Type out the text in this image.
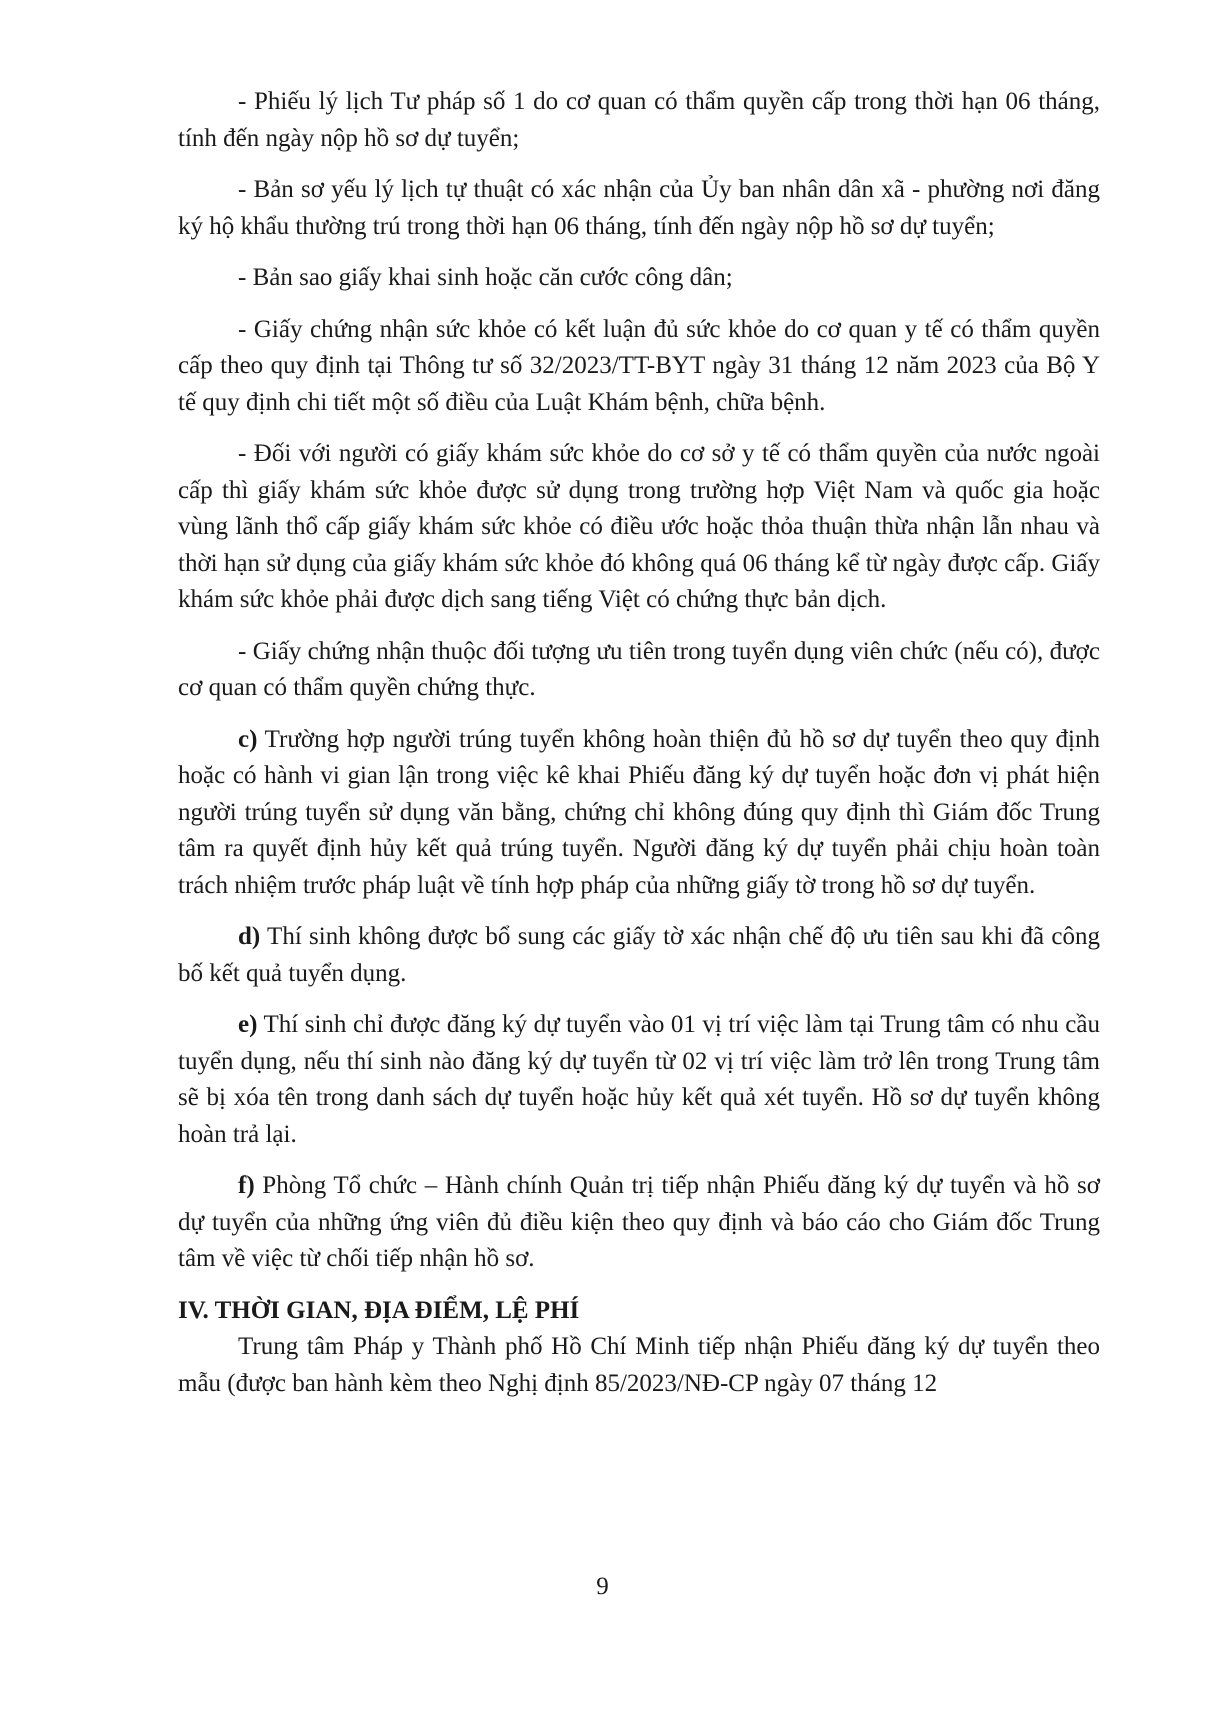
- Phiếu lý lịch Tư pháp số 1 do cơ quan có thẩm quyền cấp trong thời hạn 06 tháng, tính đến ngày nộp hồ sơ dự tuyển;

- Bản sơ yếu lý lịch tự thuật có xác nhận của Ủy ban nhân dân xã - phường nơi đăng ký hộ khẩu thường trú trong thời hạn 06 tháng, tính đến ngày nộp hồ sơ dự tuyển;

- Bản sao giấy khai sinh hoặc căn cước công dân;

- Giấy chứng nhận sức khỏe có kết luận đủ sức khỏe do cơ quan y tế có thẩm quyền cấp theo quy định tại Thông tư số 32/2023/TT-BYT ngày 31 tháng 12 năm 2023 của Bộ Y tế quy định chi tiết một số điều của Luật Khám bệnh, chữa bệnh.

- Đối với người có giấy khám sức khỏe do cơ sở y tế có thẩm quyền của nước ngoài cấp thì giấy khám sức khỏe được sử dụng trong trường hợp Việt Nam và quốc gia hoặc vùng lãnh thổ cấp giấy khám sức khỏe có điều ước hoặc thỏa thuận thừa nhận lẫn nhau và thời hạn sử dụng của giấy khám sức khỏe đó không quá 06 tháng kể từ ngày được cấp. Giấy khám sức khỏe phải được dịch sang tiếng Việt có chứng thực bản dịch.

- Giấy chứng nhận thuộc đối tượng ưu tiên trong tuyển dụng viên chức (nếu có), được cơ quan có thẩm quyền chứng thực.

c) Trường hợp người trúng tuyển không hoàn thiện đủ hồ sơ dự tuyển theo quy định hoặc có hành vi gian lận trong việc kê khai Phiếu đăng ký dự tuyển hoặc đơn vị phát hiện người trúng tuyển sử dụng văn bằng, chứng chỉ không đúng quy định thì Giám đốc Trung tâm ra quyết định hủy kết quả trúng tuyển. Người đăng ký dự tuyển phải chịu hoàn toàn trách nhiệm trước pháp luật về tính hợp pháp của những giấy tờ trong hồ sơ dự tuyển.

d) Thí sinh không được bổ sung các giấy tờ xác nhận chế độ ưu tiên sau khi đã công bố kết quả tuyển dụng.

e) Thí sinh chỉ được đăng ký dự tuyển vào 01 vị trí việc làm tại Trung tâm có nhu cầu tuyển dụng, nếu thí sinh nào đăng ký dự tuyển từ 02 vị trí việc làm trở lên trong Trung tâm sẽ bị xóa tên trong danh sách dự tuyển hoặc hủy kết quả xét tuyển. Hồ sơ dự tuyển không hoàn trả lại.

f) Phòng Tổ chức – Hành chính Quản trị tiếp nhận Phiếu đăng ký dự tuyển và hồ sơ dự tuyển của những ứng viên đủ điều kiện theo quy định và báo cáo cho Giám đốc Trung tâm về việc từ chối tiếp nhận hồ sơ.

IV. THỜI GIAN, ĐỊA ĐIỂM, LỆ PHÍ

Trung tâm Pháp y Thành phố Hồ Chí Minh tiếp nhận Phiếu đăng ký dự tuyển theo mẫu (được ban hành kèm theo Nghị định 85/2023/NĐ-CP ngày 07 tháng 12

9
